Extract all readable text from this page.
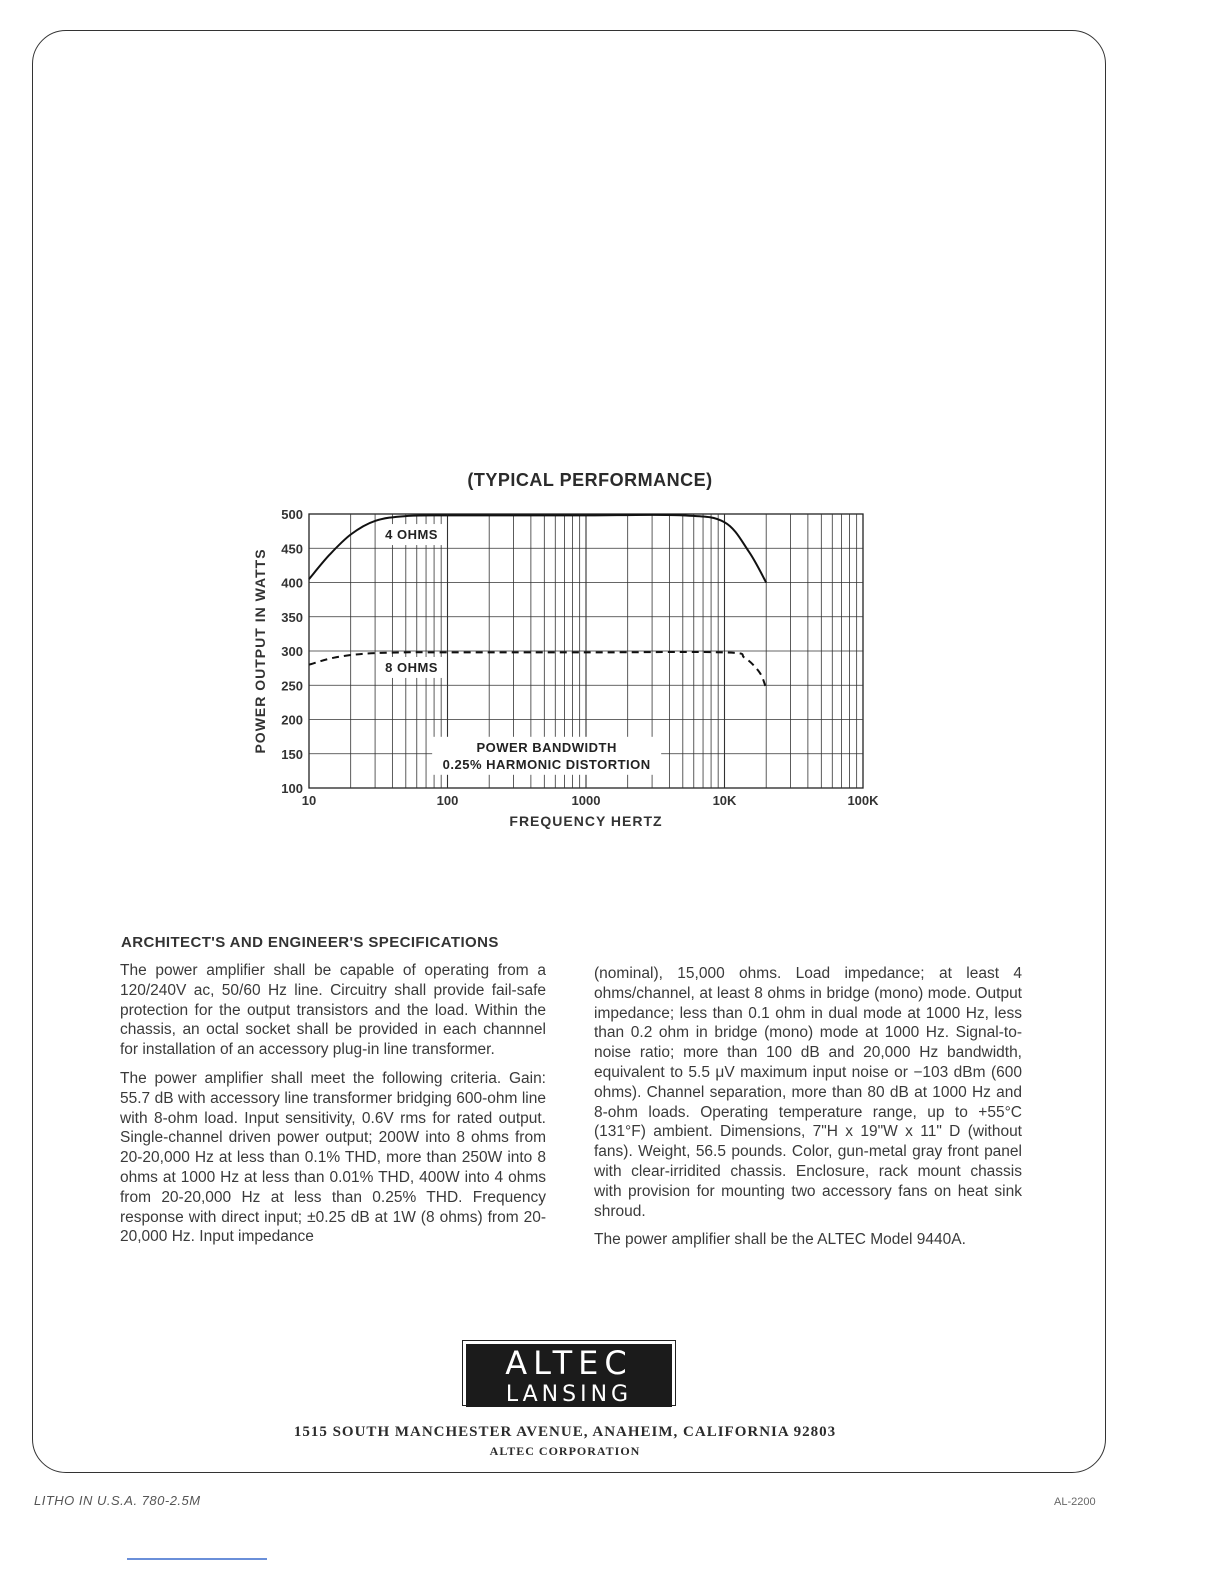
(TYPICAL PERFORMANCE)
100
150
200
250
300
350
400
450
500
10	100	1000	10K	100K
FREQUENCY HERTZ
POWER OUTPUT IN WATTS
4 OHMS
8 OHMS
POWER BANDWIDTH
0.25% HARMONIC DISTORTION
ARCHITECT'S AND ENGINEER'S SPECIFICATIONS

The power amplifier shall be capable of operating from a 120/240V ac, 50/60 Hz line. Circuitry shall provide fail-safe protection for the output transistors and the load. Within the chassis, an octal socket shall be provided in each channnel for installation of an accessory plug-in line transformer.

The power amplifier shall meet the following criteria. Gain: 55.7 dB with accessory line transformer bridging 600-ohm line with 8-ohm load. Input sensitivity, 0.6V rms for rated output. Single-channel driven power output; 200W into 8 ohms from 20-20,000 Hz at less than 0.1% THD, more than 250W into 8 ohms at 1000 Hz at less than 0.01% THD, 400W into 4 ohms from 20-20,000 Hz at less than 0.25% THD. Frequency response with direct input; ±0.25 dB at 1W (8 ohms) from 20-20,000 Hz. Input impedance

(nominal), 15,000 ohms. Load impedance; at least 4 ohms/channel, at least 8 ohms in bridge (mono) mode. Output impedance; less than 0.1 ohm in dual mode at 1000 Hz, less than 0.2 ohm in bridge (mono) mode at 1000 Hz. Signal-to-noise ratio; more than 100 dB and 20,000 Hz bandwidth, equivalent to 5.5 μV maximum input noise or −103 dBm (600 ohms). Channel separation, more than 80 dB at 1000 Hz and 8-ohm loads. Operating temperature range, up to +55°C (131°F) ambient. Dimensions, 7"H x 19"W x 11" D (without fans). Weight, 56.5 pounds. Color, gun-metal gray front panel with clear-irridited chassis. Enclosure, rack mount chassis with provision for mounting two accessory fans on heat sink shroud.

The power amplifier shall be the ALTEC Model 9440A.

ALTEC
LANSING
1515 SOUTH MANCHESTER AVENUE, ANAHEIM, CALIFORNIA 92803
ALTEC CORPORATION
LITHO IN U.S.A. 780-2.5M	AL-2200
